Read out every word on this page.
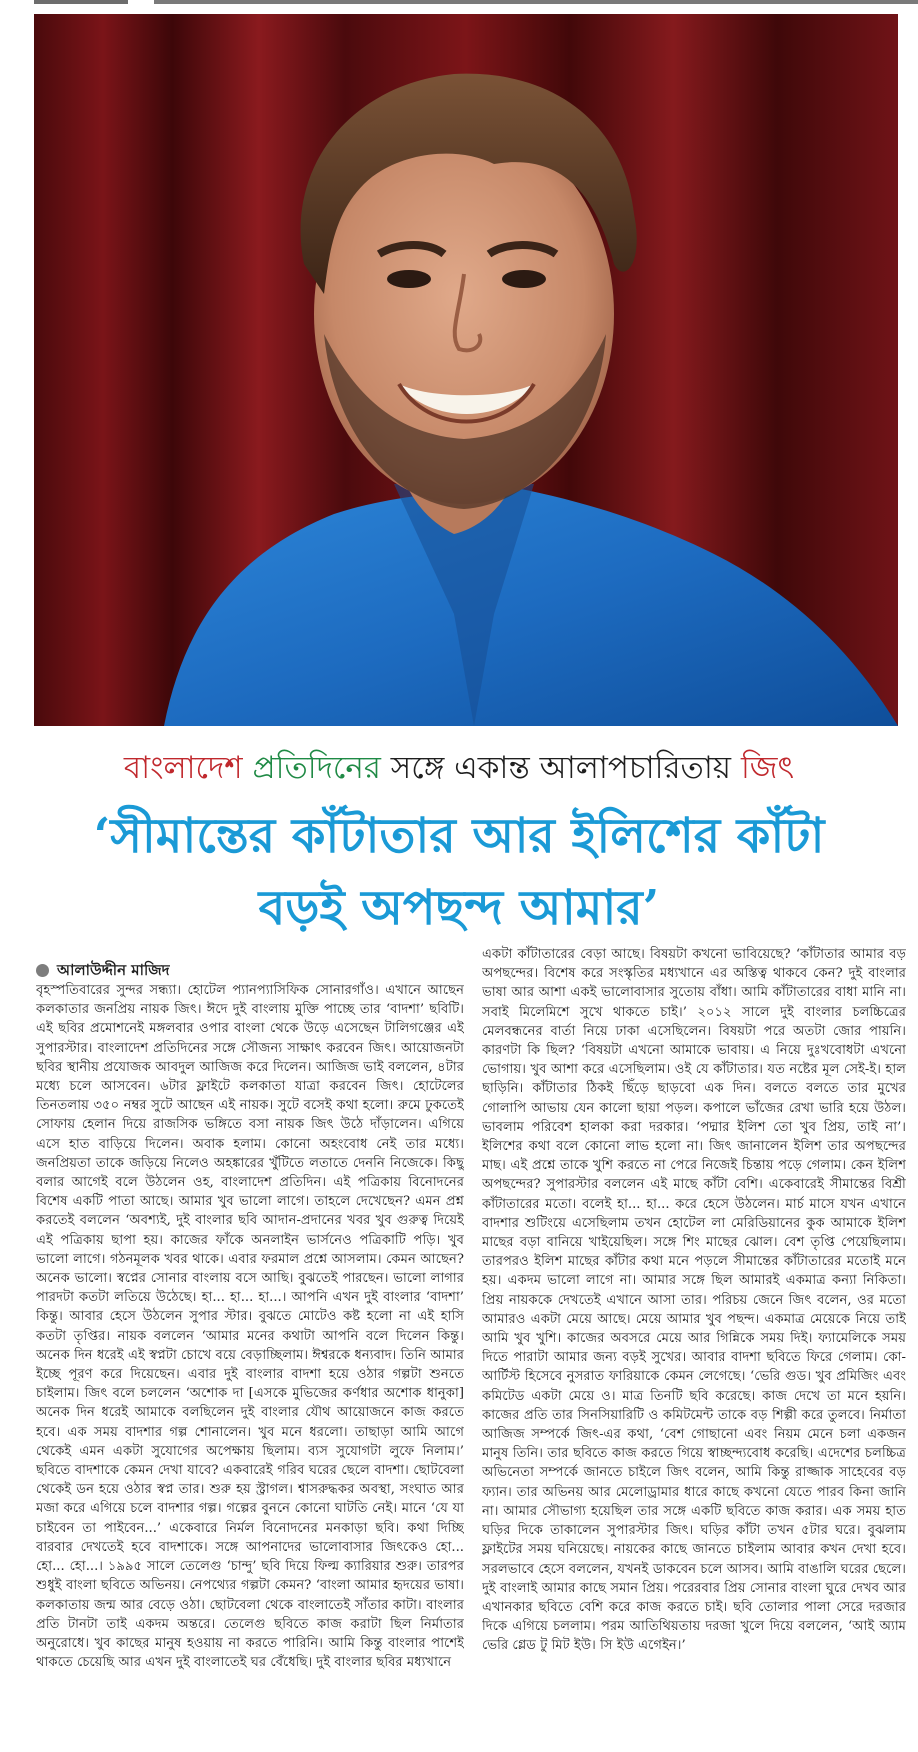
বাংলাদেশ প্রতিদিনের সঙ্গে একান্ত আলাপচারিতায় জিৎ
‘সীমান্তের কাঁটাতার আর ইলিশের কাঁটা
বড়ই অপছন্দ আমার’
আলাউদ্দীন মাজিদ

বৃহস্পতিবারের সুন্দর সন্ধ্যা। হোটেল প্যানপ্যাসিফিক সোনারগাঁও। এখানে আছেন কলকাতার জনপ্রিয় নায়ক জিৎ। ঈদে দুই বাংলায় মুক্তি পাচ্ছে তার ‘বাদশা’ ছবিটি। এই ছবির প্রমোশনেই মঙ্গলবার ওপার বাংলা থেকে উড়ে এসেছেন টালিগঞ্জের এই সুপারস্টার। বাংলাদেশ প্রতিদিনের সঙ্গে সৌজন্য সাক্ষাৎ করবেন জিৎ। আয়োজনটা ছবির স্থানীয় প্রযোজক আবদুল আজিজ করে দিলেন। আজিজ ভাই বললেন, ৪টার মধ্যে চলে আসবেন। ৬টার ফ্লাইটে কলকাতা যাত্রা করবেন জিৎ। হোটেলের তিনতলায় ৩৫০ নম্বর সুটে আছেন এই নায়ক। সুটে বসেই কথা হলো। রুমে ঢুকতেই সোফায় হেলান দিয়ে রাজসিক ভঙ্গিতে বসা নায়ক জিৎ উঠে দাঁড়ালেন। এগিয়ে এসে হাত বাড়িয়ে দিলেন। অবাক হলাম। কোনো অহংবোধ নেই তার মধ্যে। জনপ্রিয়তা তাকে জড়িয়ে নিলেও অহঙ্কারের খুঁটিতে লতাতে দেননি নিজেকে। কিছু বলার আগেই বলে উঠলেন ওহ, বাংলাদেশ প্রতিদিন। এই পত্রিকায় বিনোদনের বিশেষ একটি পাতা আছে। আমার খুব ভালো লাগে। তাহলে দেখেছেন? এমন প্রশ্ন করতেই বললেন ‘অবশ্যই, দুই বাংলার ছবি আদান-প্রদানের খবর খুব গুরুত্ব দিয়েই এই পত্রিকায় ছাপা হয়। কাজের ফাঁকে অনলাইন ভার্সনেও পত্রিকাটি পড়ি। খুব ভালো লাগে। গঠনমূলক খবর থাকে। এবার ফরমাল প্রশ্নে আসলাম। কেমন আছেন? অনেক ভালো। স্বপ্নের সোনার বাংলায় বসে আছি। বুঝতেই পারছেন। ভালো লাগার পারদটা কতটা লতিয়ে উঠেছে। হা... হা... হা...। আপনি এখন দুই বাংলার ‘বাদশা’ কিন্তু। আবার হেসে উঠলেন সুপার স্টার। বুঝতে মোটেও কষ্ট হলো না এই হাসি কতটা তৃপ্তির। নায়ক বললেন ‘আমার মনের কথাটা আপনি বলে দিলেন কিন্তু। অনেক দিন ধরেই এই স্বপ্নটা চোখে বয়ে বেড়াচ্ছিলাম। ঈশ্বরকে ধন্যবাদ। তিনি আমার ইচ্ছে পূরণ করে দিয়েছেন। এবার দুই বাংলার বাদশা হয়ে ওঠার গল্পটা শুনতে চাইলাম। জিৎ বলে চললেন ‘অশোক দা [এসকে মুভিজের কর্ণধার অশোক ধানুকা] অনেক দিন ধরেই আমাকে বলছিলেন দুই বাংলার যৌথ আয়োজনে কাজ করতে হবে। এক সময় বাদশার গল্প শোনালেন। খুব মনে ধরলো। তাছাড়া আমি আগে থেকেই এমন একটা সুযোগের অপেক্ষায় ছিলাম। ব্যস সুযোগটা লুফে নিলাম।’ ছবিতে বাদশাকে কেমন দেখা যাবে? একবারেই গরিব ঘরের ছেলে বাদশা। ছোটবেলা থেকেই ডন হয়ে ওঠার স্বপ্ন তার। শুরু হয় স্ট্রাগল। শ্বাসরুদ্ধকর অবস্থা, সংঘাত আর মজা করে এগিয়ে চলে বাদশার গল্প। গল্পের বুননে কোনো ঘাটতি নেই। মানে ‘যে যা চাইবেন তা পাইবেন...’ একেবারে নির্মল বিনোদনের মনকাড়া ছবি। কথা দিচ্ছি বারবার দেখতেই হবে বাদশাকে। সঙ্গে আপনাদের ভালোবাসার জিৎকেও হো... হো... হো...। ১৯৯৫ সালে তেলেগু ‘চান্দু’ ছবি দিয়ে ফিল্ম ক্যারিয়ার শুরু। তারপর শুধুই বাংলা ছবিতে অভিনয়। নেপথ্যের গল্পটা কেমন? ‘বাংলা আমার হৃদয়ের ভাষা। কলকাতায় জন্ম আর বেড়ে ওঠা। ছোটবেলা থেকে বাংলাতেই সাঁতার কাটা। বাংলার প্রতি টানটা তাই একদম অন্তরে। তেলেগু ছবিতে কাজ করাটা ছিল নির্মাতার অনুরোধে। খুব কাছের মানুষ হওয়ায় না করতে পারিনি। আমি কিন্তু বাংলার পাশেই থাকতে চেয়েছি আর এখন দুই বাংলাতেই ঘর বেঁধেছি। দুই বাংলার ছবির মধ্যখানে

একটা কাঁটাতারের বেড়া আছে। বিষয়টা কখনো ভাবিয়েছে? ‘কাঁটাতার আমার বড় অপছন্দের। বিশেষ করে সংস্কৃতির মধ্যখানে এর অস্তিত্ব থাকবে কেন? দুই বাংলার ভাষা আর আশা একই ভালোবাসার সুতোয় বাঁধা। আমি কাঁটাতারের বাধা মানি না। সবাই মিলেমিশে সুখে থাকতে চাই।’ ২০১২ সালে দুই বাংলার চলচ্চিত্রের মেলবন্ধনের বার্তা নিয়ে ঢাকা এসেছিলেন। বিষয়টা পরে অতটা জোর পায়নি। কারণটা কি ছিল? ‘বিষয়টা এখনো আমাকে ভাবায়। এ নিয়ে দুঃখবোধটা এখনো ভোগায়। খুব আশা করে এসেছিলাম। ওই যে কাঁটাতার। যত নষ্টের মূল সেই-ই। হাল ছাড়িনি। কাঁটাতার ঠিকই ছিঁড়ে ছাড়বো এক দিন। বলতে বলতে তার মুখের গোলাপি আভায় যেন কালো ছায়া পড়ল। কপালে ভাঁজের রেখা ভারি হয়ে উঠল। ভাবলাম পরিবেশ হালকা করা দরকার। ‘পদ্মার ইলিশ তো খুব প্রিয়, তাই না’। ইলিশের কথা বলে কোনো লাভ হলো না। জিৎ জানালেন ইলিশ তার অপছন্দের মাছ। এই প্রশ্নে তাকে খুশি করতে না পেরে নিজেই চিন্তায় পড়ে গেলাম। কেন ইলিশ অপছন্দের? সুপারস্টার বললেন এই মাছে কাঁটা বেশি। একেবারেই সীমান্তের বিশ্রী কাঁটাতারের মতো। বলেই হা... হা... করে হেসে উঠলেন। মার্চ মাসে যখন এখানে বাদশার শুটিংয়ে এসেছিলাম তখন হোটেল লা মেরিডিয়ানের কুক আমাকে ইলিশ মাছের বড়া বানিয়ে খাইয়েছিল। সঙ্গে শিং মাছের ঝোল। বেশ তৃপ্তি পেয়েছিলাম। তারপরও ইলিশ মাছের কাঁটার কথা মনে পড়লে সীমান্তের কাঁটাতারের মতোই মনে হয়। একদম ভালো লাগে না। আমার সঙ্গে ছিল আমারই একমাত্র কন্যা নিকিতা। প্রিয় নায়ককে দেখতেই এখানে আসা তার। পরিচয় জেনে জিৎ বলেন, ওর মতো আমারও একটা মেয়ে আছে। মেয়ে আমার খুব পছন্দ। একমাত্র মেয়েকে নিয়ে তাই আমি খুব খুশি। কাজের অবসরে মেয়ে আর গিন্নিকে সময় দিই। ফ্যামেলিকে সময় দিতে পারাটা আমার জন্য বড়ই সুখের। আবার বাদশা ছবিতে ফিরে গেলাম। কো-আর্টিস্ট হিসেবে নুসরাত ফারিয়াকে কেমন লেগেছে। ‘ভেরি গুড। খুব প্রমিজিং এবং কমিটেড একটা মেয়ে ও। মাত্র তিনটি ছবি করেছে। কাজ দেখে তা মনে হয়নি। কাজের প্রতি তার সিনসিয়ারিটি ও কমিটমেন্ট তাকে বড় শিল্পী করে তুলবে। নির্মাতা আজিজ সম্পর্কে জিৎ-এর কথা, ‘বেশ গোছানো এবং নিয়ম মেনে চলা একজন মানুষ তিনি। তার ছবিতে কাজ করতে গিয়ে স্বাচ্ছন্দ্যবোধ করেছি। এদেশের চলচ্চিত্র অভিনেতা সম্পর্কে জানতে চাইলে জিৎ বলেন, আমি কিন্তু রাজ্জাক সাহেবের বড় ফ্যান। তার অভিনয় আর মেলোড্রামার ধারে কাছে কখনো যেতে পারব কিনা জানি না। আমার সৌভাগ্য হয়েছিল তার সঙ্গে একটি ছবিতে কাজ করার। এক সময় হাত ঘড়ির দিকে তাকালেন সুপারস্টার জিৎ। ঘড়ির কাঁটা তখন ৫টার ঘরে। বুঝলাম ফ্লাইটের সময় ঘনিয়েছে। নায়কের কাছে জানতে চাইলাম আবার কখন দেখা হবে। সরলভাবে হেসে বললেন, যখনই ডাকবেন চলে আসব। আমি বাঙালি ঘরের ছেলে। দুই বাংলাই আমার কাছে সমান প্রিয়। পরেরবার প্রিয় সোনার বাংলা ঘুরে দেখব আর এখানকার ছবিতে বেশি করে কাজ করতে চাই। ছবি তোলার পালা সেরে দরজার দিকে এগিয়ে চললাম। পরম আতিথিয়তায় দরজা খুলে দিয়ে বললেন, ‘আই অ্যাম ভেরি গ্লেড টু মিট ইউ। সি ইউ এগেইন।’
